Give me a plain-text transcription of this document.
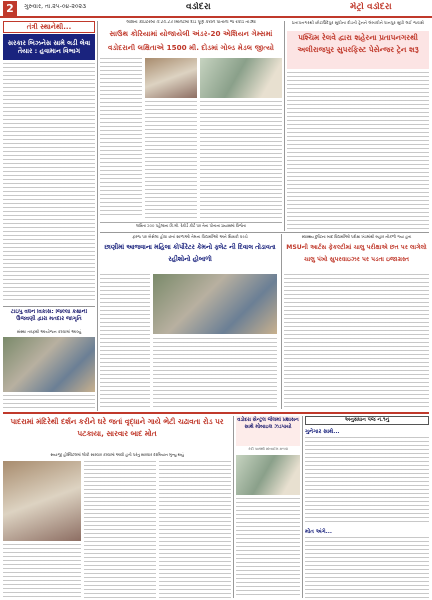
2	ગુરુવાર, તા.૨૫-૦૪-૨૦૨૩	વડોદરા	મેટ્રો વડોદરા
તંત્રી સ્થાનેથી...
સરકાર બિઝનેસ સામે લડી લેવા તૈયાર : હવામાન વિભાગ
ટાઇપુ વર્ધન વિકાસ: જિલ્લા કક્ષાની ઉજવણી દ્વારા મતદાર જાગૃતિ
સંસ્થા તરફથી આયોજન કરવામાં આવ્યું
લક્ષિતા ક્રાઇટેરબા 4:24.23 મિનિટમાં દોડ પૂર્ણ કરીને પોતાનો જ રેકોર્ડ તોડ્યો
સાઉથ કોરિયામાં યોજાયેલી અંડર-20 એશિયન ગેમ્સમાં
વડોદરાની લક્ષિતાએ 1500 મી. દોડમાં ગોલ્ડ મેડલ જીત્યો
લક્ષિતા 200 પહેલાના કિ.મી. રેકોર્ડ કોર્ટ પર તેના પોતાના પ્રયાસમાં વિજેતા
પ્રતાપનગરથી છોટાઉદેપુર સુધીના દોડતી ટ્રેનને લંબાવીને ધાનપુર સુધી લઈ જવાશે
પશ્ચિમ રેલવે દ્વારા શહેરના પ્રતાપનગરથી અલીરાજપુર સુપરફિસ્ટ પેસેન્જર ટ્રેન શરૂ
ફરજ પર બેસેલા હોવા છતાં શાળાઓ તેમના વિદ્યાર્થીઓ અને શિક્ષકો વચ્ચે
છાણીમાં આજવાના મહિલા કોર્પોરેટર કેમનો ફ્લેટ ની દિવાલ તોડાવતા રહીશોનો હોબાળો
સ્વાસ્થ્ય દુર્ઘટના બાદ વિદ્યાર્થીઓ પરીક્ષા ખંડમાંથી બહાર નીકળી ગયા હતા
MSUની આર્ટસ ફેકલ્ટીમાં ચાલુ પરીક્ષાએ છત પર લાગેલો ચાલુ પંખો સુપરવાઇઝર પર પડતા ઇજાગ્રસ્ત
પાદરામાં મંદિરેથી દર્શન કરીને ઘરે જતાં વૃદ્ધાને ગાયે ભેટી ચઢાવતા રોડ પર પટકાયા, સારવાર બાદ મોત
સયાજી હોસ્પિટલમાં લોકો સારવાર કરવામાં આવી હતી પરંતુ સારવાર દરમિયાન મૃત્યુ થયું
વડોદરા સેન્ટ્રલ જેલમાં પ્રશાસન સાથે મોબાઇલ ઝડપાયો
કેદી પાસેથી મોબાઈલ મળ્યો
અનુસંધાન પેજ નં.૧નું
ગુનેગાર સાથે...
મોત અંગે...
